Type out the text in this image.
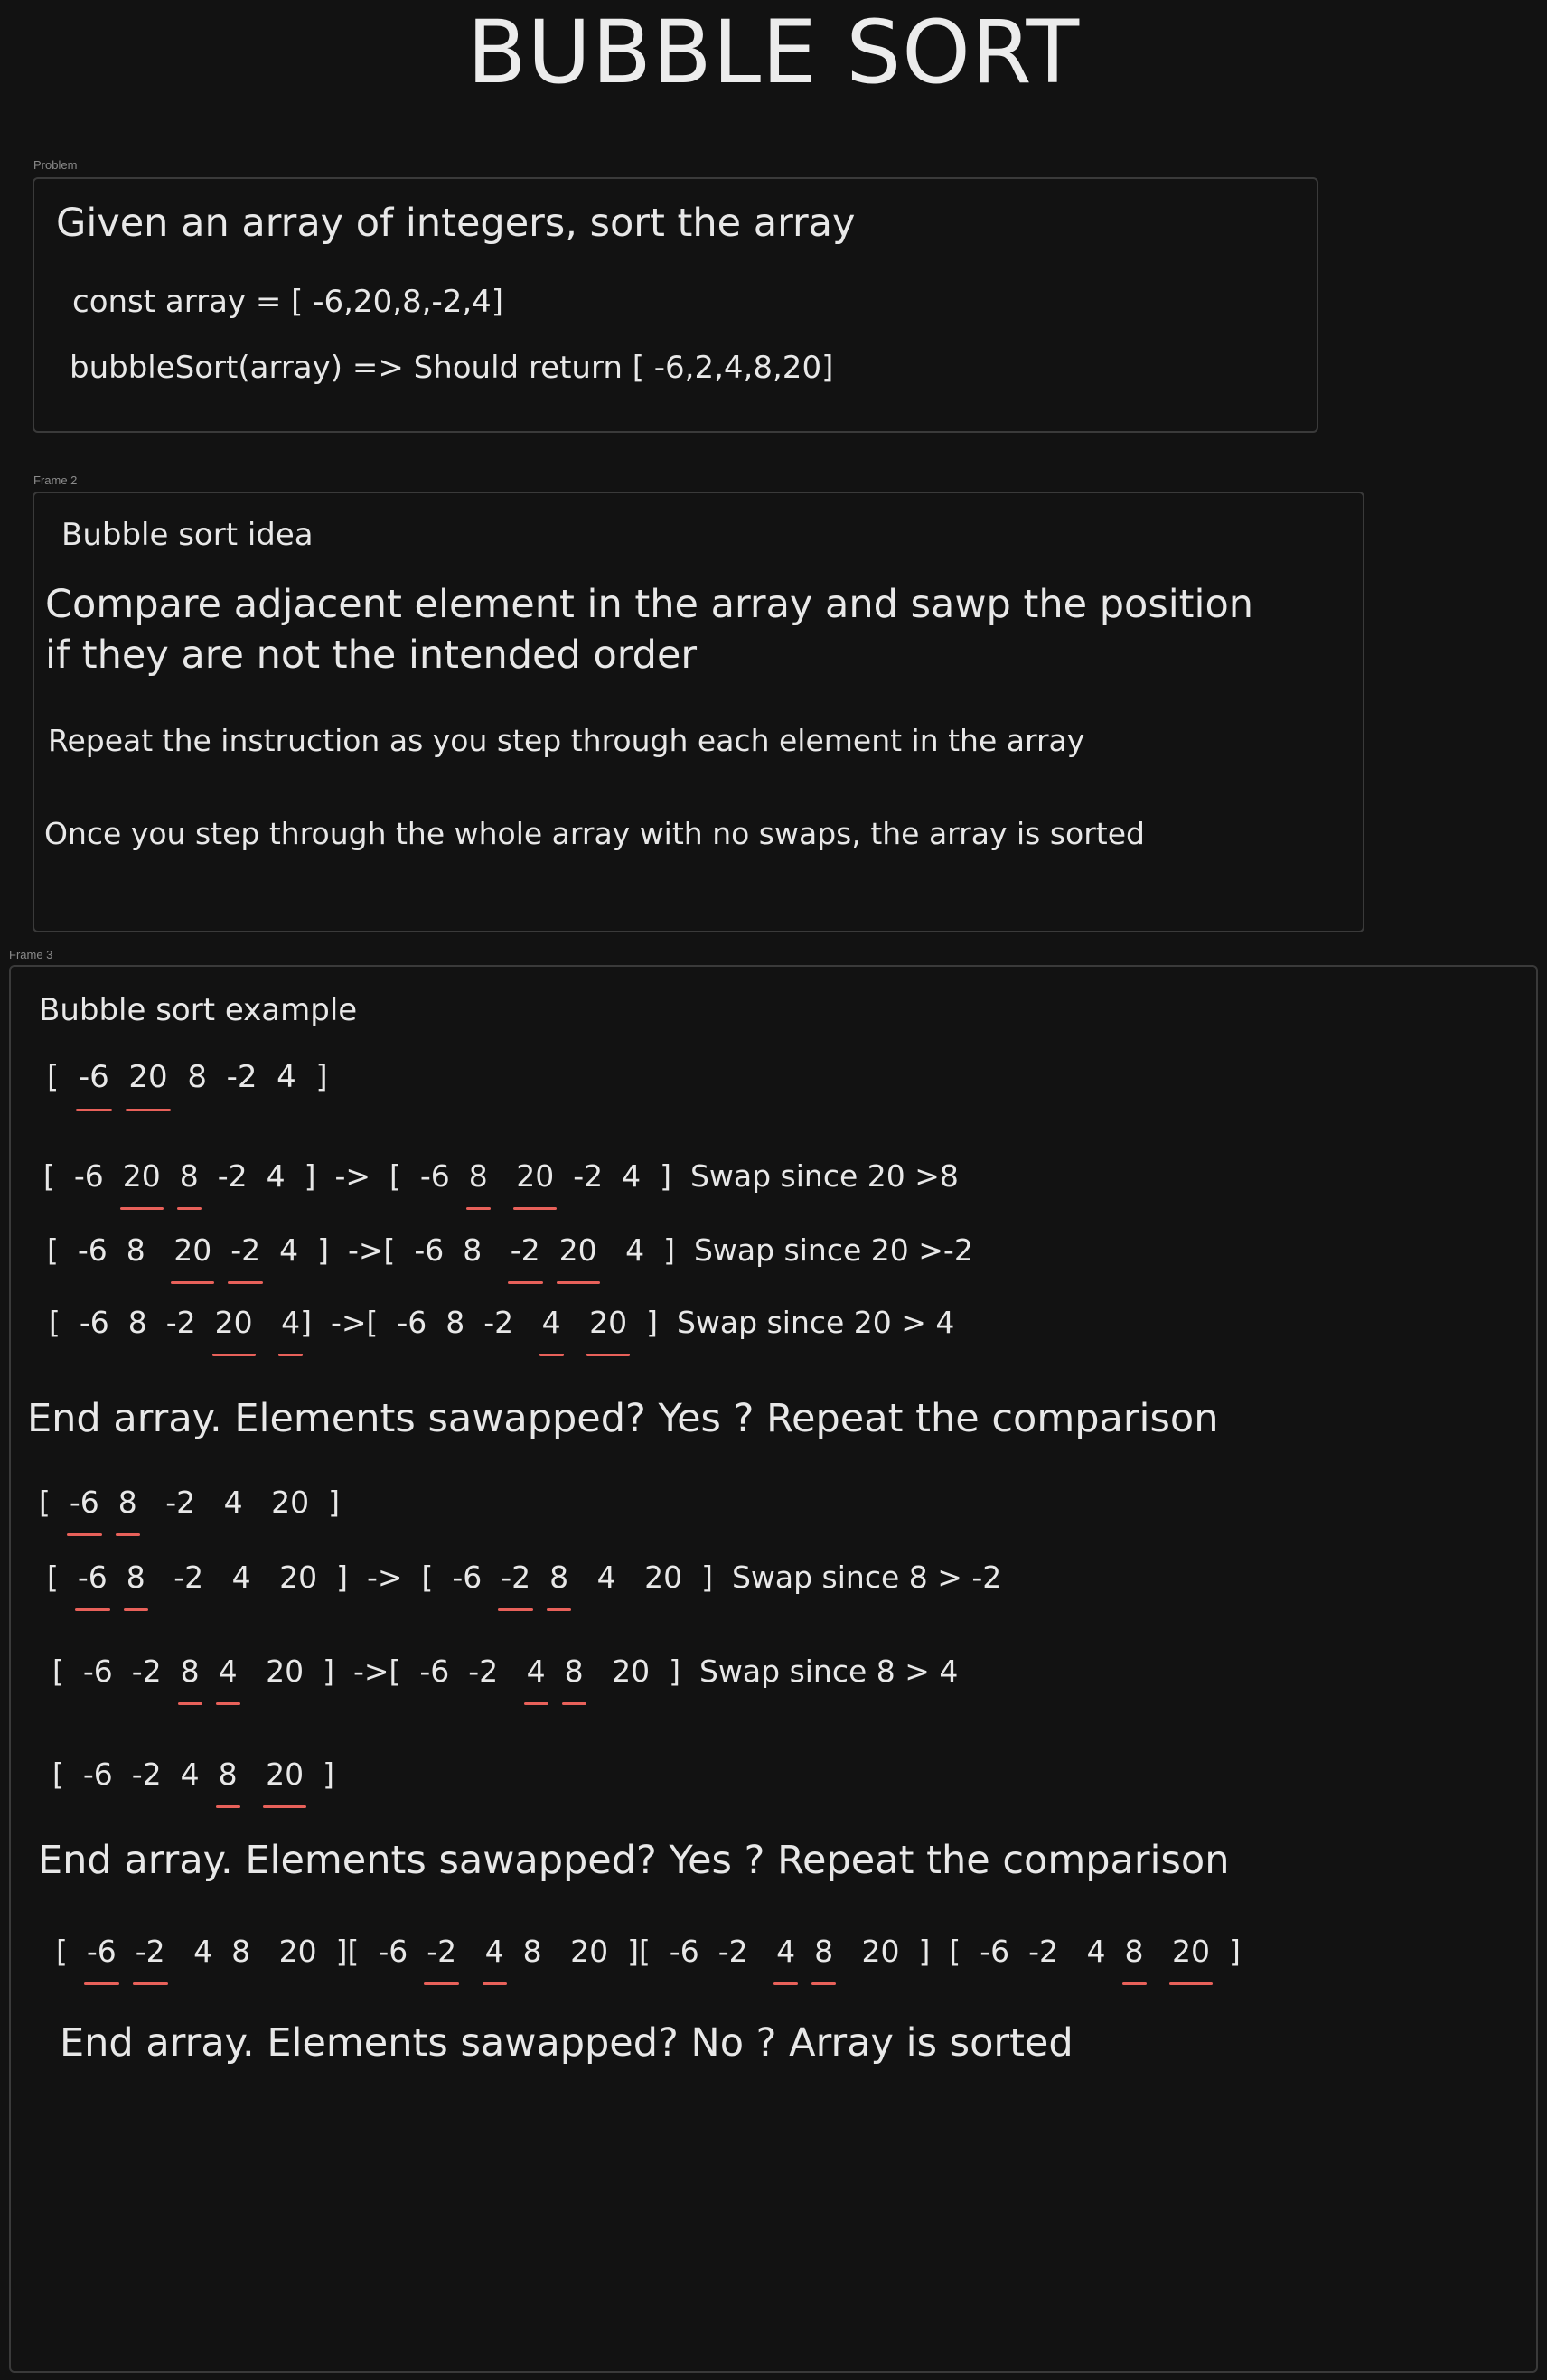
BUBBLE SORT
Problem
Given an array of integers, sort the array
const array = [ -6,20,8,-2,4]
bubbleSort(array) => Should return [ -6,2,4,8,20]
Frame 2
Bubble sort idea
Compare adjacent element in the array and sawp the position
if they are not the intended order
Repeat the instruction as you step through each element in the array
Once you step through the whole array with no swaps, the array is sorted
Frame 3
Bubble sort example
[

-6

20

8

-2

4

]
[

-6

20

8

-2

4

]

->

[

-6

8

20

-2

4

]

Swap since 20 >8
[

-6

8

20

-2

4

]

-> [

-6

8

-2

20

4

]

Swap since 20 >-2
[

-6

8

-2

20

4 ]

-> [

-6

8

-2

4

20

]

Swap since 20 > 4
End array. Elements sawapped? Yes ? Repeat the comparison
[

-6

8

-2

4

20

]
[

-6

8

-2

4

20

]

->

[

-6

-2

8

4

20

]

Swap since 8 > -2
[

-6

-2

8

4

20

]

-> [

-6

-2

4

8

20

]

Swap since 8 > 4
[

-6

-2

4

8

20

]
End array. Elements sawapped? Yes ? Repeat the comparison
[

-6

-2

4

8

20

] [

-6

-2

4

8

20

] [

-6

-2

4

8

20

]

[

-6

-2

4

8

20

]
End array. Elements sawapped? No ? Array is sorted
